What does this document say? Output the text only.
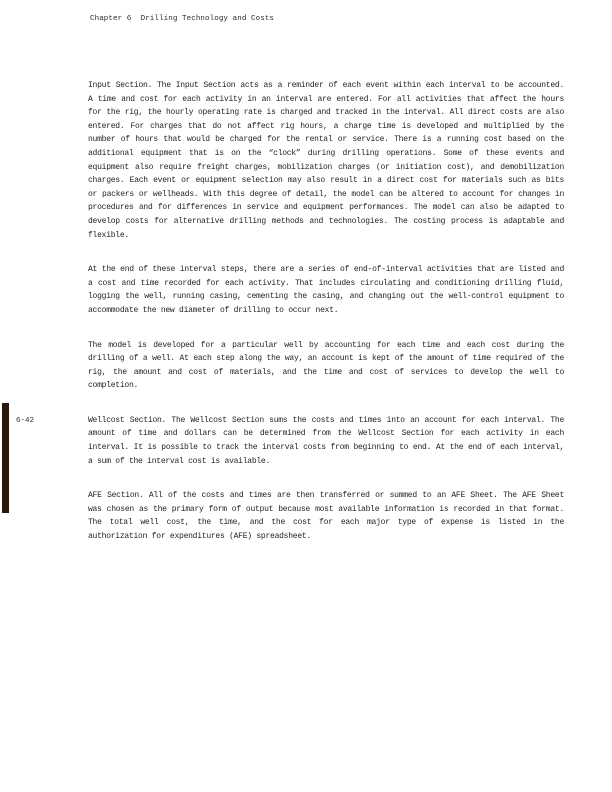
Chapter 6  Drilling Technology and Costs
6-42

Input Section. The Input Section acts as a reminder of each event within each interval to be accounted. A time and cost for each activity in an interval are entered. For all activities that affect the hours for the rig, the hourly operating rate is charged and tracked in the interval. All direct costs are also entered. For charges that do not affect rig hours, a charge time is developed and multiplied by the number of hours that would be charged for the rental or service. There is a running cost based on the additional equipment that is on the “clock” during drilling operations. Some of these events and equipment also require freight charges, mobilization charges (or initiation cost), and demobilization charges. Each event or equipment selection may also result in a direct cost for materials such as bits or packers or wellheads. With this degree of detail, the model can be altered to account for changes in procedures and for differences in service and equipment performances. The model can also be adapted to develop costs for alternative drilling methods and technologies. The costing process is adaptable and flexible.

At the end of these interval steps, there are a series of end-of-interval activities that are listed and a cost and time recorded for each activity. That includes circulating and conditioning drilling fluid, logging the well, running casing, cementing the casing, and changing out the well-control equipment to accommodate the new diameter of drilling to occur next.

The model is developed for a particular well by accounting for each time and each cost during the drilling of a well. At each step along the way, an account is kept of the amount of time required of the rig, the amount and cost of materials, and the time and cost of services to develop the well to completion.

Wellcost Section. The Wellcost Section sums the costs and times into an account for each interval. The amount of time and dollars can be determined from the Wellcost Section for each activity in each interval. It is possible to track the interval costs from beginning to end. At the end of each interval, a sum of the interval cost is available.

AFE Section. All of the costs and times are then transferred or summed to an AFE Sheet. The AFE Sheet was chosen as the primary form of output because most available information is recorded in that format. The total well cost, the time, and the cost for each major type of expense is listed in the authorization for expenditures (AFE) spreadsheet.
